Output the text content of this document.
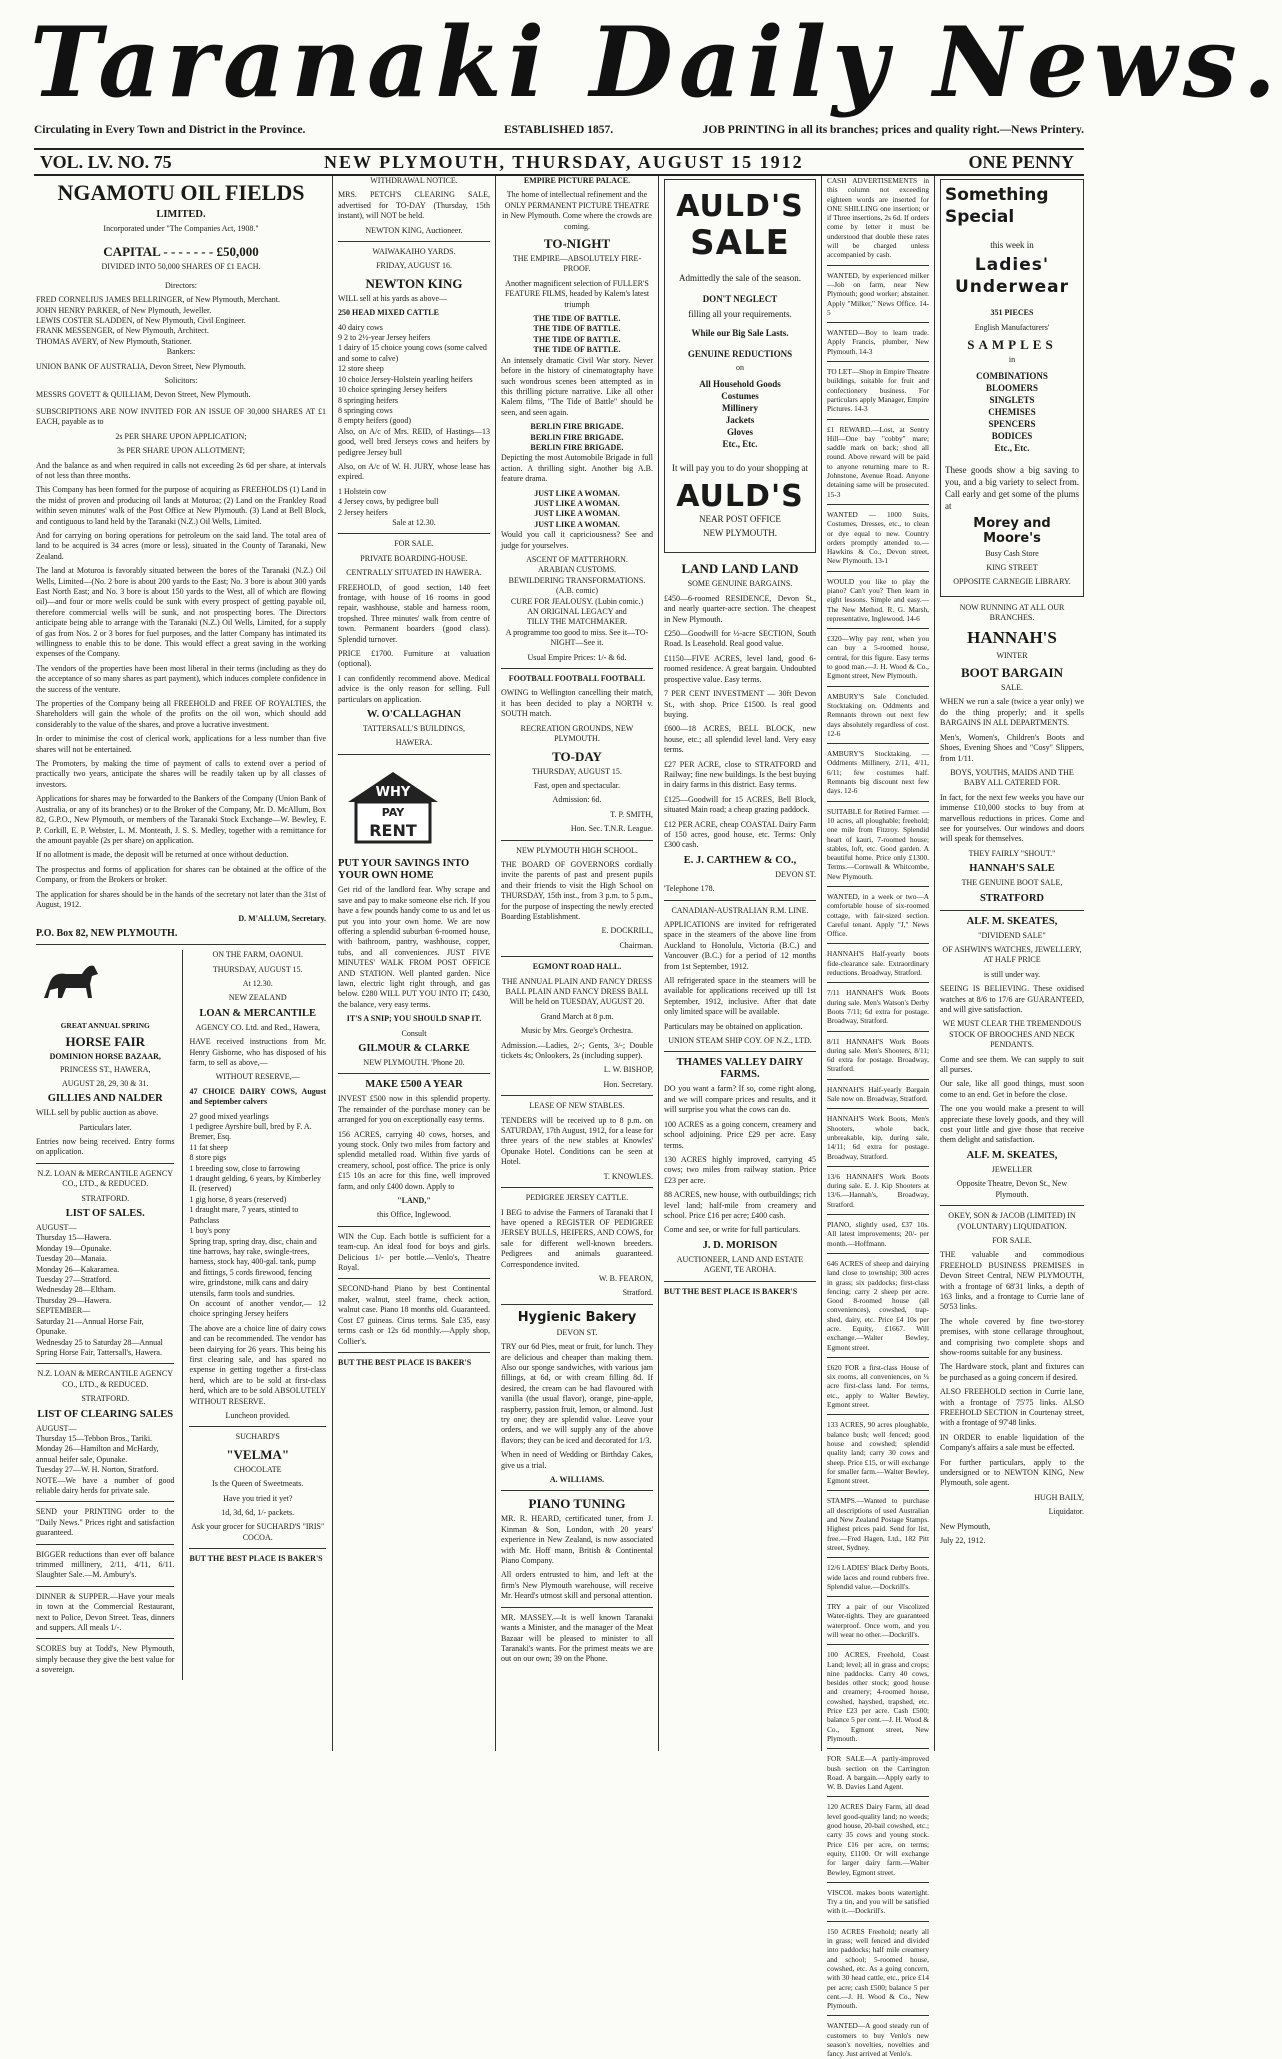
Taranaki Daily News.
Circulating in Every Town and District in the Province.	ESTABLISHED 1857.	JOB PRINTING in all its branches; prices and quality right.—News Printery.
VOL. LV. NO. 75	NEW PLYMOUTH, THURSDAY, AUGUST 15 1912	ONE PENNY
NGAMOTU OIL FIELDS
LIMITED.

Incorporated under "The Companies Act, 1908."

CAPITAL - - - - - - - £50,000

DIVIDED INTO 50,000 SHARES OF £1 EACH.

Directors:

FRED CORNELIUS JAMES BELLRINGER, of New Plymouth, Merchant.

JOHN HENRY PARKER, of New Plymouth, Jeweller.

LEWIS COSTER SLADDEN, of New Plymouth, Civil Engineer.

FRANK MESSENGER, of New Plymouth, Architect.

THOMAS AVERY, of New Plymouth, Stationer.

Bankers:

UNION BANK OF AUSTRALIA, Devon Street, New Plymouth.

Solicitors:

MESSRS GOVETT & QUILLIAM, Devon Street, New Plymouth.

SUBSCRIPTIONS ARE NOW INVITED FOR AN ISSUE OF 30,000 SHARES AT £1 EACH, payable as to

2s PER SHARE UPON APPLICATION;

3s PER SHARE UPON ALLOTMENT;

And the balance as and when required in calls not exceeding 2s 6d per share, at intervals of not less than three months.

This Company has been formed for the purpose of acquiring as FREEHOLDS (1) Land in the midst of proven and producing oil lands at Moturoa; (2) Land on the Frankley Road within seven minutes' walk of the Post Office at New Plymouth. (3) Land at Bell Block, and contiguous to land held by the Taranaki (N.Z.) Oil Wells, Limited.

And for carrying on boring operations for petroleum on the said land. The total area of land to be acquired is 34 acres (more or less), situated in the County of Taranaki, New Zealand.

The land at Moturoa is favorably situated between the bores of the Taranaki (N.Z.) Oil Wells, Limited—(No. 2 bore is about 200 yards to the East; No. 3 bore is about 300 yards East North East; and No. 3 bore is about 150 yards to the West, all of which are flowing oil)—and four or more wells could be sunk with every prospect of getting payable oil, therefore commercial wells will be sunk, and not prospecting bores. The Directors anticipate being able to arrange with the Taranaki (N.Z.) Oil Wells, Limited, for a supply of gas from Nos. 2 or 3 bores for fuel purposes, and the latter Company has intimated its willingness to enable this to be done. This would effect a great saving in the working expenses of the Company.

The vendors of the properties have been most liberal in their terms (including as they do the acceptance of so many shares as part payment), which induces complete confidence in the success of the venture.

The properties of the Company being all FREEHOLD and FREE OF ROYALTIES, the Shareholders will gain the whole of the profits on the oil won, which should add considerably to the value of the shares, and prove a lucrative investment.

In order to minimise the cost of clerical work, applications for a less number than five shares will not be entertained.

The Promoters, by making the time of payment of calls to extend over a period of practically two years, anticipate the shares will be readily taken up by all classes of investors.

Applications for shares may be forwarded to the Bankers of the Company (Union Bank of Australia, or any of its branches) or to the Broker of the Company, Mr. D. McAllum, Box 82, G.P.O., New Plymouth, or members of the Taranaki Stock Exchange—W. Bewley, F. P. Corkill, E. P. Webster, L. M. Monteath, J. S. S. Medley, together with a remittance for the amount payable (2s per share) on application.

If no allotment is made, the deposit will be returned at once without deduction.

The prospectus and forms of application for shares can be obtained at the office of the Company, or from the Brokers or broker.

The application for shares should be in the hands of the secretary not later than the 31st of August, 1912.

D. M'ALLUM, Secretary.

P.O. Box 82, NEW PLYMOUTH.

GREAT ANNUAL SPRING
HORSE FAIR
DOMINION HORSE BAZAAR,
PRINCESS ST., HAWERA,

AUGUST 28, 29, 30 & 31.

GILLIES AND NALDER

WILL sell by public auction as above.

Particulars later.

Entries now being received. Entry forms on application.

N.Z. LOAN & MERCANTILE AGENCY CO., LTD., & REDUCED.

STRATFORD.

LIST OF SALES.

AUGUST—

Thursday 15—Hawera.

Monday 19—Opunake.

Tuesday 20—Manaia.

Monday 26—Kakaramea.

Tuesday 27—Stratford.

Wednesday 28—Eltham.

Thursday 29—Hawera.

SEPTEMBER—

Saturday 21—Annual Horse Fair, Opunake.

Wednesday 25 to Saturday 28—Annual Spring Horse Fair, Tattersall's, Hawera.

N.Z. LOAN & MERCANTILE AGENCY CO., LTD., & REDUCED.

STRATFORD.

LIST OF CLEARING SALES

AUGUST—

Thursday 15—Tebbon Bros., Tariki.

Monday 26—Hamilton and McHardy, annual heifer sale, Opunake.

Tuesday 27—W. H. Norton, Stratford.

NOTE—We have a number of good reliable dairy herds for private sale.

SEND your PRINTING order to the "Daily News." Prices right and satisfaction guaranteed.

BIGGER reductions than ever off balance trimmed millinery, 2/11, 4/11, 6/11. Slaughter Sale.—M. Ambury's.

DINNER & SUPPER.—Have your meals in town at the Commercial Restaurant, next to Police, Devon Street. Teas, dinners and suppers. All meals 1/-.

SCORES buy at Todd's, New Plymouth, simply because they give the best value for a sovereign.

ON THE FARM, OAONUI.

THURSDAY, AUGUST 15.

At 12.30.

NEW ZEALAND

LOAN & MERCANTILE

AGENCY CO. Ltd. and Red., Hawera,

HAVE received instructions from Mr. Henry Gisborne, who has disposed of his farm, to sell as above,—

WITHOUT RESERVE,—

47 CHOICE DAIRY COWS, August and September calvers

27 good mixed yearlings

1 pedigree Ayrshire bull, bred by F. A. Bremer, Esq.

11 fat sheep

8 store pigs

1 breeding sow, close to farrowing

1 draught gelding, 6 years, by Kimberley II. (reserved)

1 gig horse, 8 years (reserved)

1 draught mare, 7 years, stinted to Pathclass

1 boy's pony

Spring trap, spring dray, disc, chain and tine harrows, hay rake, swingle-trees, harness, stock hay, 400-gal. tank, pump and fittings, 5 cords firewood, fencing wire, grindstone, milk cans and dairy utensils, farm tools and sundries.

On account of another vendor,— 12 choice springing Jersey heifers

The above are a choice line of dairy cows and can be recommended. The vendor has been dairying for 26 years. This being his first clearing sale, and has spared no expense in getting together a first-class herd, which are to be sold at first-class herd, which are to be sold ABSOLUTELY WITHOUT RESERVE.

Luncheon provided.

SUCHARD'S

"VELMA"

CHOCOLATE

Is the Queen of Sweetmeats.

Have you tried it yet?

1d, 3d, 6d, 1/- packets.

Ask your grocer for SUCHARD'S "IRIS" COCOA.

BUT THE BEST PLACE IS BAKER'S

WITHDRAWAL NOTICE.

MRS. PETCH'S CLEARING SALE, advertised for TO-DAY (Thursday, 15th instant), will NOT be held.

NEWTON KING, Auctioneer.

WAIWAKAIHO YARDS.

FRIDAY, AUGUST 16.

NEWTON KING

WILL sell at his yards as above—

250 HEAD MIXED CATTLE

40 dairy cows

9 2 to 2½-year Jersey heifers

1 dairy of 15 choice young cows (some calved and some to calve)

12 store sheep

10 choice Jersey-Holstein yearling heifers

10 choice springing Jersey heifers

8 springing heifers

8 springing cows

8 empty heifers (good)

Also, on A/c of Mrs. REID, of Hastings—13 good, well bred Jerseys cows and heifers by pedigree Jersey bull

Also, on A/c of W. H. JURY, whose lease has expired.

1 Holstein cow

4 Jersey cows, by pedigree bull

2 Jersey heifers

Sale at 12.30.

FOR SALE.

PRIVATE BOARDING-HOUSE.

CENTRALLY SITUATED IN HAWERA.

FREEHOLD, of good section, 140 feet frontage, with house of 16 rooms in good repair, washhouse, stable and harness room, tropshed. Three minutes' walk from centre of town. Permanent boarders (good class). Splendid turnover.

PRICE £1700. Furniture at valuation (optional).

I can confidently recommend above. Medical advice is the only reason for selling. Full particulars on application.

W. O'CALLAGHAN

TATTERSALL'S BUILDINGS,

HAWERA.

WHY
PAY
RENT
PUT YOUR SAVINGS INTO YOUR OWN HOME

Get rid of the landlord fear. Why scrape and save and pay to make someone else rich. If you have a few pounds handy come to us and let us put you into your own home. We are now offering a splendid suburban 6-roomed house, with bathroom, pantry, washhouse, copper, tubs, and all conveniences. JUST FIVE MINUTES' WALK FROM POST OFFICE AND STATION. Well planted garden. Nice lawn, electric light right through, and gas below. £280 WILL PUT YOU INTO IT; £430, the balance, very easy terms.

IT'S A SNIP; YOU SHOULD SNAP IT.

Consult

GILMOUR & CLARKE

NEW PLYMOUTH. 'Phone 20.

MAKE £500 A YEAR

INVEST £500 now in this splendid property. The remainder of the purchase money can be arranged for you on exceptionally easy terms.

156 ACRES, carrying 40 cows, horses, and young stock. Only two miles from factory and splendid metalled road. Within five yards of creamery, school, post office. The price is only £15 10s an acre for this fine, well improved farm, and only £400 down. Apply to

"LAND,"

this Office, Inglewood.

WIN the Cup. Each bottle is sufficient for a team-cup. An ideal food for boys and girls. Delicious 1/- per bottle.—Venlo's, Theatre Royal.

SECOND-hand Piano by best Continental maker, walnut, steel frame, check action, walnut case. Piano 18 months old. Guaranteed. Cost £7 guineas. Cirus terms. Sale £35, easy terms cash or 12s 6d monthly.—Apply shop, Collier's.

BUT THE BEST PLACE IS BAKER'S

EMPIRE PICTURE PALACE.

The home of intellectual refinement and the ONLY PERMANENT PICTURE THEATRE in New Plymouth. Come where the crowds are coming.

TO-NIGHT

THE EMPIRE—ABSOLUTELY FIRE-PROOF.

Another magnificent selection of FULLER'S FEATURE FILMS, headed by Kalem's latest triumph

THE TIDE OF BATTLE.
THE TIDE OF BATTLE.
THE TIDE OF BATTLE.
THE TIDE OF BATTLE.

An intensely dramatic Civil War story. Never before in the history of cinematography have such wondrous scenes been attempted as in this thrilling picture narrative. Like all other Kalem films, "The Tide of Battle" should be seen, and seen again.

BERLIN FIRE BRIGADE.
BERLIN FIRE BRIGADE.
BERLIN FIRE BRIGADE.

Depicting the most Automobile Brigade in full action. A thrilling sight. Another big A.B. feature drama.

JUST LIKE A WOMAN.
JUST LIKE A WOMAN.
JUST LIKE A WOMAN.
JUST LIKE A WOMAN.

Would you call it capriciousness? See and judge for yourselves.

ASCENT OF MATTERHORN.
ARABIAN CUSTOMS.
BEWILDERING TRANSFORMATIONS. (A.B. comic)
CURE FOR JEALOUSY. (Lubin comic.)
AN ORIGINAL LEGACY and
TILLY THE MATCHMAKER.

A programme too good to miss. See it—TO-NIGHT—See it.

Usual Empire Prices: 1/- & 6d.

FOOTBALL FOOTBALL FOOTBALL

OWING to Wellington cancelling their match, it has been decided to play a NORTH v. SOUTH match.

RECREATION GROUNDS, NEW PLYMOUTH.

TO-DAY

THURSDAY, AUGUST 15.

Fast, open and spectacular.

Admission: 6d.

T. P. SMITH,

Hon. Sec. T.N.R. League.

NEW PLYMOUTH HIGH SCHOOL.

THE BOARD OF GOVERNORS cordially invite the parents of past and present pupils and their friends to visit the High School on THURSDAY, 15th inst., from 3 p.m. to 5 p.m., for the purpose of inspecting the newly erected Boarding Establishment.

E. DOCKRILL,

Chairman.

EGMONT ROAD HALL.

THE ANNUAL PLAIN AND FANCY DRESS BALL PLAIN AND FANCY DRESS BALL Will be held on TUESDAY, AUGUST 20.

Grand March at 8 p.m.

Music by Mrs. George's Orchestra.

Admission.—Ladies, 2/-; Gents, 3/-; Double tickets 4s; Onlookers, 2s (including supper).

L. W. BISHOP,

Hon. Secretary.

LEASE OF NEW STABLES.

TENDERS will be received up to 8 p.m. on SATURDAY, 17th August, 1912, for a lease for three years of the new stables at Knowles' Opunake Hotel. Conditions can be seen at Hotel.

T. KNOWLES.

PEDIGREE JERSEY CATTLE.

I BEG to advise the Farmers of Taranaki that I have opened a REGISTER OF PEDIGREE JERSEY BULLS, HEIFERS, AND COWS, for sale for different well-known breeders. Pedigrees and animals guaranteed. Correspondence invited.

W. B. FEARON,

Stratford.

Hygienic Bakery

DEVON ST.

TRY our 6d Pies, meat or fruit, for lunch. They are delicious and cheaper than making them. Also our sponge sandwiches, with various jam fillings, at 6d, or with cream filling 8d. If desired, the cream can be had flavoured with vanilla (the usual flavor), orange, pine-apple, raspberry, passion fruit, lemon, or almond. Just try one; they are splendid value. Leave your orders, and we will supply any of the above flavors; they can be iced and decorated for 1/3.

When in need of Wedding or Birthday Cakes, give us a trial.

A. WILLIAMS.

PIANO TUNING

MR. R. HEARD, certificated tuner, from J. Kinman & Son, London, with 20 years' experience in New Zealand, is now associated with Mr. Hoff mann, British & Continental Piano Company.

All orders entrusted to him, and left at the firm's New Plymouth warehouse, will receive Mr. Heard's utmost skill and personal attention.

MR. MASSEY.—It is well known Taranaki wants a Minister, and the manager of the Meat Bazaar will be pleased to minister to all Taranaki's wants. For the primest meats we are out on our own; 39 on the Phone.

AULD'S
SALE

Admittedly the sale of the season.

DON'T NEGLECT

filling all your requirements.

While our Big Sale Lasts.

GENUINE REDUCTIONS

on

All Household Goods
Costumes
Millinery
Jackets
Gloves
Etc., Etc.

It will pay you to do your shopping at

AULD'S

NEAR POST OFFICE

NEW PLYMOUTH.

LAND LAND LAND

SOME GENUINE BARGAINS.

£450—6-roomed RESIDENCE, Devon St., and nearly quarter-acre section. The cheapest in New Plymouth.

£250—Goodwill for ½-acre SECTION, South Road. Is Leasehold. Real good value.

£1150—FIVE ACRES, level land, good 6-roomed residence. A great bargain. Undoubted prospective value. Easy terms.

7 PER CENT INVESTMENT — 30ft Devon St., with shop. Price £1500. Is real good buying.

£600—18 ACRES, BELL BLOCK, new house, etc.; all splendid level land. Very easy terms.

£27 PER ACRE, close to STRATFORD and Railway; fine new buildings. Is the best buying in dairy farms in this district. Easy terms.

£125—Goodwill for 15 ACRES, Bell Block, situated Main road; a cheap grazing paddock.

£12 PER ACRE, cheap COASTAL Dairy Farm of 150 acres, good house, etc. Terms: Only £300 cash.

E. J. CARTHEW & CO.,

DEVON ST.

'Telephone 178.

CANADIAN-AUSTRALIAN R.M. LINE.

APPLICATIONS are invited for refrigerated space in the steamers of the above line from Auckland to Honolulu, Victoria (B.C.) and Vancouver (B.C.) for a period of 12 months from 1st September, 1912.

All refrigerated space in the steamers will be available for applications received up till 1st September, 1912, inclusive. After that date only limited space will be available.

Particulars may be obtained on application.

UNION STEAM SHIP COY. OF N.Z., LTD.

THAMES VALLEY DAIRY FARMS.

DO you want a farm? If so, come right along, and we will compare prices and results, and it will surprise you what the cows can do.

100 ACRES as a going concern, creamery and school adjoining. Price £29 per acre. Easy terms.

130 ACRES highly improved, carrying 45 cows; two miles from railway station. Price £23 per acre.

88 ACRES, new house, with outbuildings; rich level land; half-mile from creamery and school. Price £16 per acre; £400 cash.

Come and see, or write for full particulars.

J. D. MORISON

AUCTIONEER, LAND AND ESTATE AGENT, TE AROHA.

BUT THE BEST PLACE IS BAKER'S

CASH ADVERTISEMENTS in this column not exceeding eighteen words are inserted for ONE SHILLING one insertion; or if Three insertions, 2s 6d. If orders come by letter it must be understood that double these rates will be charged unless accompanied by cash.

WANTED, by experienced milker—Job on farm, near New Plymouth; good worker; abstainer. Apply "Milker," News Office. 14-5

WANTED—Boy to learn trade. Apply Francis, plumber, New Plymouth. 14-3

TO LET—Shop in Empire Theatre buildings, suitable for fruit and confectionery business. For particulars apply Manager, Empire Pictures. 14-3

£1 REWARD.—Lost, at Sentry Hill—One bay "cobby" mare; saddle mark on back; shod all round. Above reward will be paid to anyone returning mare to R. Johnstone, Avenue Road. Anyone detaining same will be prosecuted. 15-3

WANTED — 1000 Suits, Costumes, Dresses, etc., to clean or dye equal to new. Country orders promptly attended to.—Hawkins & Co., Devon street, New Plymouth. 13-1

WOULD you like to play the piano? Can't you? Then learn in eight lessons. Simple and easy.—The New Method. R. G. Marsh, representative, Inglewood. 14-6

£320—Why pay rent, when you can buy a 5-roomed house, central, for this figure. Easy terms to good man.—J. H. Wood & Co., Egmont street, New Plymouth.

AMBURY'S Sale Concluded. Stocktaking on. Oddments and Remnants thrown out next few days absolutely regardless of cost. 12-6

AMBURY'S Stocktaking. — Oddments Millinery, 2/11, 4/11, 6/11; few costumes half. Remnants big discount next few days. 12-6

SUITABLE for Retired Farmer. — 10 acres, all ploughable; freehold; one mile from Fitzroy. Splendid heart of kauri, 7-roomed house; stables, loft, etc. Good garden. A beautiful home. Price only £1300. Terms.—Cornwall & Whitcombe, New Plymouth.

WANTED, in a week or two—A comfortable house of six-roomed cottage, with fair-sized section. Careful tenant. Apply "J," News Office.

HANNAH'S Half-yearly boots fide-clearance sale. Extraordinary reductions. Broadway, Stratford.

7/11 HANNAH'S Work Boots during sale. Men's Watson's Derby Boots 7/11; 6d extra for postage. Broadway, Stratford.

8/11 HANNAH'S Work Boots during sale. Men's Shooters, 8/11; 6d extra for postage. Broadway, Stratford.

HANNAH'S Half-yearly Bargain Sale now on. Broadway, Stratford.

HANNAH'S Work Boots, Men's Shooters, whole back, unbreakable, kip, during sale, 14/11; 6d extra for postage. Broadway, Stratford.

13/6 HANNAH'S Work Boots during sale. E. J. Kip Shooters at 13/6.—Hannah's, Broadway, Stratford.

PIANO, slightly used, £37 10s. All latest improvements; 20/- per month.—Hoffmann.

646 ACRES of sheep and dairying land close to township; 300 acres in grass; six paddocks; first-class fencing; carry 2 sheep per acre. Good 8-roomed house (all conveniences), cowshed, trap-shed, dairy, etc. Price £4 10s per acre. Equity, £1667. Will exchange.—Walter Bewley, Egmont street.

£620 FOR a first-class House of six rooms, all conveniences, on ¼ acre first-class land. For terms, etc., apply to Walter Bewley, Egmont street.

133 ACRES, 90 acres ploughable, balance bush; well fenced; good house and cowshed; splendid quality land; carry 30 cows and sheep. Price £15, or will exchange for smaller farm.—Walter Bewley, Egmont street.

STAMPS.—Wanted to purchase all descriptions of used Australian and New Zealand Postage Stamps. Highest prices paid. Send for list, free.—Fred Hagen, Ltd., 182 Pitt street, Sydney.

12/6 LADIES' Black Derby Boots, wide laces and round rubbers free. Splendid value.—Dockrill's.

TRY a pair of our Viscolized Water-tights. They are guaranteed waterproof. Once worn, and you will wear no other.—Dockrill's.

100 ACRES, Freehold, Coast Land; level; all in grass and crops; nine paddocks. Carry 40 cows, besides other stock; good house and creamery; 4-roomed house, cowshed, hayshed, trapshed, etc. Price £23 per acre. Cash £500; balance 5 per cent.—J. H. Wood & Co., Egmont street, New Plymouth.

FOR SALE—A partly-improved bush section on the Carrington Road. A bargain.—Apply early to W. B. Davies Land Agent.

120 ACRES Dairy Farm, all dead level good-quality land; no weeds; good house, 20-bail cowshed, etc.; carry 35 cows and young stock. Price £16 per acre, on terms; equity, £1100. Or will exchange for larger dairy farm.—Walter Bewley, Egmont street.

VISCOL makes boots watertight. Try a tin, and you will be satisfied with it.—Dockrill's.

150 ACRES Freehold; nearly all in grass; well fenced and divided into paddocks; half mile creamery and school; 5-roomed house, cowshed, etc. As a going concern, with 30 head cattle, etc., price £14 per acre; cash £500; balance 5 per cent.—J. H. Wood & Co., New Plymouth.

WANTED—A good steady run of customers to buy Venlo's new season's novelties, novelties and fancy. Just arrived at Venlo's.

Something
Special

this week in

Ladies'
Underwear

351 PIECES

English Manufacturers'

SAMPLES

in

COMBINATIONS
BLOOMERS
SINGLETS
CHEMISES
SPENCERS
BODICES
Etc., Etc.

These goods show a big saving to you, and a big variety to select from. Call early and get some of the plums at

Morey and Moore's

Busy Cash Store

KING STREET

OPPOSITE CARNEGIE LIBRARY.

NOW RUNNING AT ALL OUR BRANCHES.

HANNAH'S

WINTER

BOOT BARGAIN

SALE.

WHEN we run a sale (twice a year only) we do the thing properly; and it spells BARGAINS IN ALL DEPARTMENTS.

Men's, Women's, Children's Boots and Shoes, Evening Shoes and "Cosy" Slippers, from 1/11.

BOYS, YOUTHS, MAIDS AND THE BABY ALL CATERED FOR.

In fact, for the next few weeks you have our immense £10,000 stocks to buy from at marvellous reductions in prices. Come and see for yourselves. Our windows and doors will speak for themselves.

THEY FAIRLY "SHOUT."

HANNAH'S SALE

THE GENUINE BOOT SALE,

STRATFORD
ALF. M. SKEATES,

"DIVIDEND SALE"

OF ASHWIN'S WATCHES, JEWELLERY, AT HALF PRICE

is still under way.

SEEING IS BELIEVING. These oxidised watches at 8/6 to 17/6 are GUARANTEED, and will give satisfaction.

WE MUST CLEAR THE TREMENDOUS STOCK OF BROOCHES AND NECK PENDANTS.

Come and see them. We can supply to suit all purses.

Our sale, like all good things, must soon come to an end. Get in before the close.

The one you would make a present to will appreciate these lovely goods, and they will cost your little and give those that receive them delight and satisfaction.

ALF. M. SKEATES,

JEWELLER

Opposite Theatre, Devon St., New Plymouth.

OKEY, SON & JACOB (LIMITED) IN (VOLUNTARY) LIQUIDATION.

FOR SALE.

THE valuable and commodious FREEHOLD BUSINESS PREMISES in Devon Street Central, NEW PLYMOUTH, with a frontage of 68'31 links, a depth of 163 links, and a frontage to Currie lane of 50'53 links.

The whole covered by fine two-storey premises, with stone cellarage throughout, and comprising two complete shops and show-rooms suitable for any business.

The Hardware stock, plant and fixtures can be purchased as a going concern if desired.

ALSO FREEHOLD section in Currie lane, with a frontage of 75'75 links. ALSO FREEHOLD SECTION in Courtenay street, with a frontage of 97'48 links.

IN ORDER to enable liquidation of the Company's affairs a sale must be effected.

For further particulars, apply to the undersigned or to NEWTON KING, New Plymouth, sole agent.

HUGH BAILY,

Liquidator.

New Plymouth,

July 22, 1912.
